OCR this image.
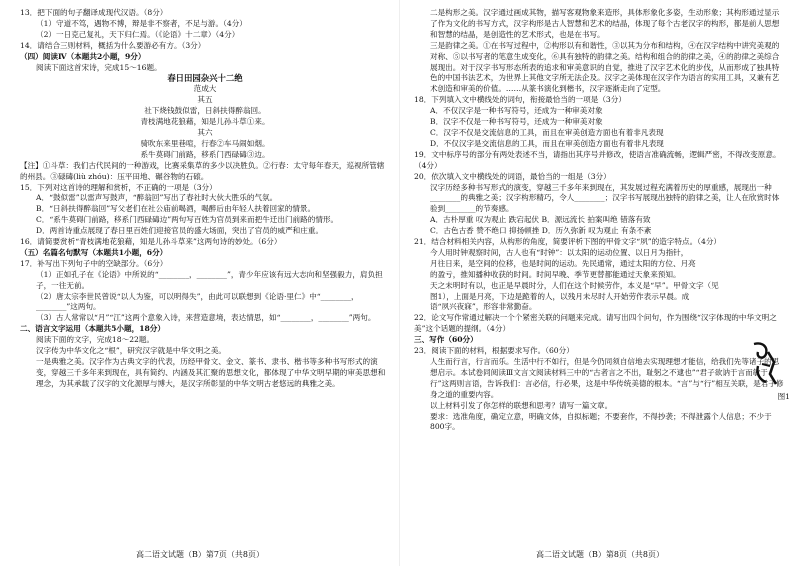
13．把下面的句子翻译成现代汉语。（8分）
（1）守道不笃，遇物不博，辩是非不察者，不足与游。（4分）
（2）一日克己复礼，天下归仁焉。（《论语》十二章）（4分）
14．请结合三则材料，概括为什么要游必有方。（3分）
（四）阅读Ⅳ（本题共2小题，9分）
阅读下面这首宋诗，完成15～16题。
春日田园杂兴十二绝
范成大
其五
社下烧钱鼓似雷，日斜扶得醉翁回。
青枝满地花狼藉，知是儿孙斗草①来。
其六
骑吹东来里巷喧，行春②车马闹如烟。
系牛莫碍门前路，移系门西碌碡③边。
【注】①斗草：我们古代民间的一种游戏，比赛采集草的多少以决胜负。②行春：太守每年春天，巡视所管辖的州县。③碌碡(liù zhóu)：压平田地、碾谷物的石磙。
15．下列对这首诗的理解和赏析，不正确的一项是（3分）
A．“鼓似雷”以雷声写鼓声，“醉翁回”写出了春社时大伙大胜乐的气氛。
B．“日斜扶得醉翁回”写父老们在社公庙前喝酒，喝醉后由年轻人扶着回家的情景。
C．“系牛莫碍门前路，移系门西碌碡边”两句写百姓为官员到来而把牛迁出门前路的情形。
D．两首诗重点展现了春日里百姓们迎接官员的盛大场面，突出了官员的威严和庄重。
16．请简要赏析“青枝满地花狼藉，知是儿孙斗草来”这两句诗的妙处。（6分）
（五）名篇名句默写（本题共1小题，6分）
17．补写出下列句子中的空缺部分。（6分）
（1）正如孔子在《论语》中所说的“________，________”，青少年应该有远大志向和坚强毅力，肩负担子，一往无前。
（2）唐太宗李世民曾说“以人为鉴，可以明得失”，由此可以联想到《论语·里仁》中“________，________”这两句。
（3）古人常常以“月”“江”这两个意象入诗，来营造意境，表达情思，如“________，________”两句。
二、语言文字运用（本题共5小题，18分）
阅读下面的文字，完成18～22题。
汉字传为中华文化之“根”，研究汉字就是中华文明之美。
一是典雅之美。汉字作为古典文字的代表，历经甲骨文、金文、篆书、隶书、楷书等多种书写形式的演变，穿越三千多年来到现在，具有简约、内涵及其汇聚的思想文化，都体现了中华文明早期的审美思想和理念，为其承载了汉字的文化源厚与博大，是汉字所彰显的中华文明古老悠远的典雅之美。
高二语文试题（B）第7页（共8页）
图1
二是构形之美。汉字通过画成其物，描写客观物象来造形，具体形象化多姿，生动形象；其构形通过显示了作为文化的书写方式，汉字构形是古人智慧和艺术的结晶，体现了每个古老汉字的构形，都是前人思想和智慧的结晶，是创造性的艺术形式，也是在书写。
三是韵律之美。①在书写过程中，②构形以有和谐性，③以其为分布和结构，④在汉字结构中讲究美观的对称、⑤以书写者的笔意生成变化，⑥具有独特的韵律之美。结构和组合的韵律之美，④的韵律之美综合展现出。对于汉字书写形态所表的追求和审美意识的自觉，推进了汉字艺术化的步伐，从而形成了独具特色的中国书法艺术，为世界上其他文字所无法企及。汉字之美体现在汉字作为语言的实用工具，又兼有艺术创造和审美的价值。……从篆书演化到楷书，汉字逐渐走向了定型。
18．下列填入文中横线处的词句，衔接最恰当的一项是（3分）
A．不仅汉字是一种书写符号，还成为一种审美对象
B．汉字不仅是一种书写符号，还成为一种审美对象
C．汉字不仅是交流信息的工具，而且在审美创造方面也有着非凡表现
D．不仅汉字是交流信息的工具，而且在审美创造方面也有着非凡表现
19．文中标序号的部分有两处表述不当，请指出其序号并修改，使语言准确流畅，逻辑严密，不得改变原意。（4分）
20．依次填入文中横线处的词语，最恰当的一组是（3分）
汉字历经多种书写形式的演变，穿越三千多年来到现在，其发展过程充满着历史的厚重感，展现出一种________的典雅之美；汉字构形精巧，令人________；汉字书写展现出独特的韵律之美，让人在欣赏时体验到________的节奏感。
A．古朴厚重 叹为观止 跌宕起伏 B．源远流长 拍案叫绝 错落有致
C．古色古香 赞不绝口 抑扬顿挫 D．历久弥新 叹为观止 有条不紊
21．结合材料相关内容，从构形的角度，简要评析下图的甲骨文字“夙”的造字特点。（4分）
今人用时钟观察时间，古人也有“时钟”：以太阳的运动位置、以日月为指针，
月往日来，是空间的位移，也是时间的运动。先民通常，通过太阳的方位、月亮
的盈亏，推知播种收获的时间。时间早晚、季节更替都能通过天象来预知。
天之未明时有以，也正是早晨时分，人们在这个时候劳作，本义是“早”。甲骨文字（见
图1），上面是月亮，下边是跪着的人，以残月未尽时人开始劳作表示早晨。成
语“夙兴夜寐”，形容非常勤奋。
22．论文写作常通过解决一个个紧密关联的问题来完成。请写出四个问句，作为围绕“汉字体现的中华文明之美”这个话题的提纲。（4分）
三、写作（60分）
23．阅读下面的材料，根据要求写作。（60分）
人生而行言，行言而乐。生活中行不如行，但是今仍同须自信地去实现理想才能信，给我们先等诸子的思想启示。本试卷同阅读Ⅲ文言文阅读材料三中的“古者言之不出，耻躬之不逮也”“君子欲讷于言而敏于行”这两则言语，告诉我们：言必信，行必果，这是中华传统美德的根本。“言”与“行”相互关联，是君子修身之道的重要内容。
以上材料引发了你怎样的联想和思考？请写一篇文章。
要求：选准角度，确定立意，明确文体，自拟标题；不要套作，不得抄袭；不得泄露个人信息；不少于800字。
高二语文试题（B）第8页（共8页）
